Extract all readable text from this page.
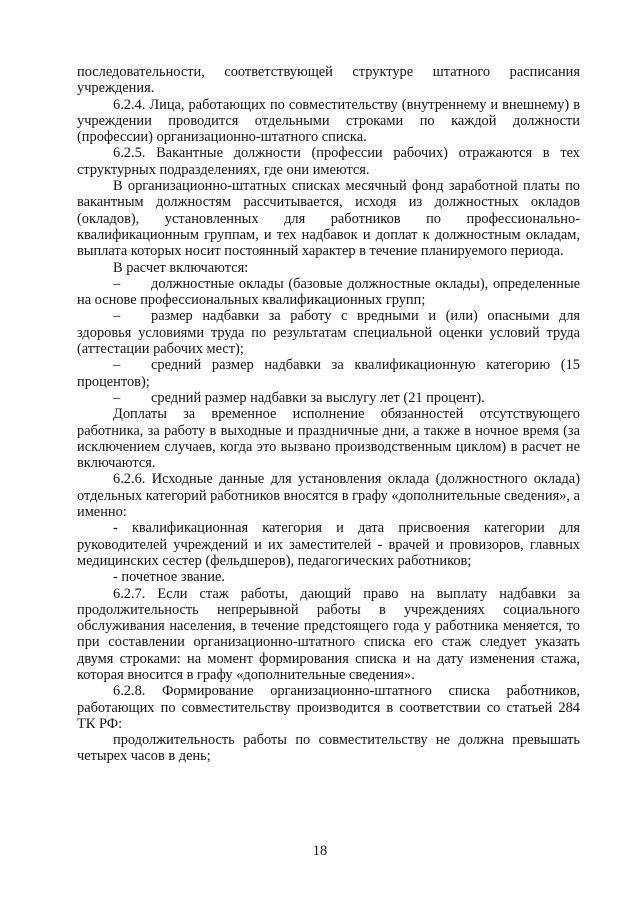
последовательности, соответствующей структуре штатного расписания учреждения.

6.2.4. Лица, работающих по совместительству (внутреннему и внешнему) в учреждении проводится отдельными строками по каждой должности (профессии) организационно-штатного списка.

6.2.5. Вакантные должности (профессии рабочих) отражаются в тех структурных подразделениях, где они имеются.

В организационно-штатных списках месячный фонд заработной платы по вакантным должностям рассчитывается, исходя из должностных окладов (окладов), установленных для работников по профессионально-квалификационным группам, и тех надбавок и доплат к должностным окладам, выплата которых носит постоянный характер в течение планируемого периода.

В расчет включаются:

– должностные оклады (базовые должностные оклады), определенные на основе профессиональных квалификационных групп;

– размер надбавки за работу с вредными и (или) опасными для здоровья условиями труда по результатам специальной оценки условий труда (аттестации рабочих мест);

– средний размер надбавки за квалификационную категорию (15 процентов);

– средний размер надбавки за выслугу лет (21 процент).

Доплаты за временное исполнение обязанностей отсутствующего работника, за работу в выходные и праздничные дни, а также в ночное время (за исключением случаев, когда это вызвано производственным циклом) в расчет не включаются.

6.2.6. Исходные данные для установления оклада (должностного оклада) отдельных категорий работников вносятся в графу «дополнительные сведения», а именно:

- квалификационная категория и дата присвоения категории для руководителей учреждений и их заместителей - врачей и провизоров, главных медицинских сестер (фельдшеров), педагогических работников;

- почетное звание.

6.2.7. Если стаж работы, дающий право на выплату надбавки за продолжительность непрерывной работы в учреждениях социального обслуживания населения, в течение предстоящего года у работника меняется, то при составлении организационно-штатного списка его стаж следует указать двумя строками: на момент формирования списка и на дату изменения стажа, которая вносится в графу «дополнительные сведения».

6.2.8. Формирование организационно-штатного списка работников, работающих по совместительству производится в соответствии со статьей 284 ТК РФ:

продолжительность работы по совместительству не должна превышать четырех часов в день;

18
